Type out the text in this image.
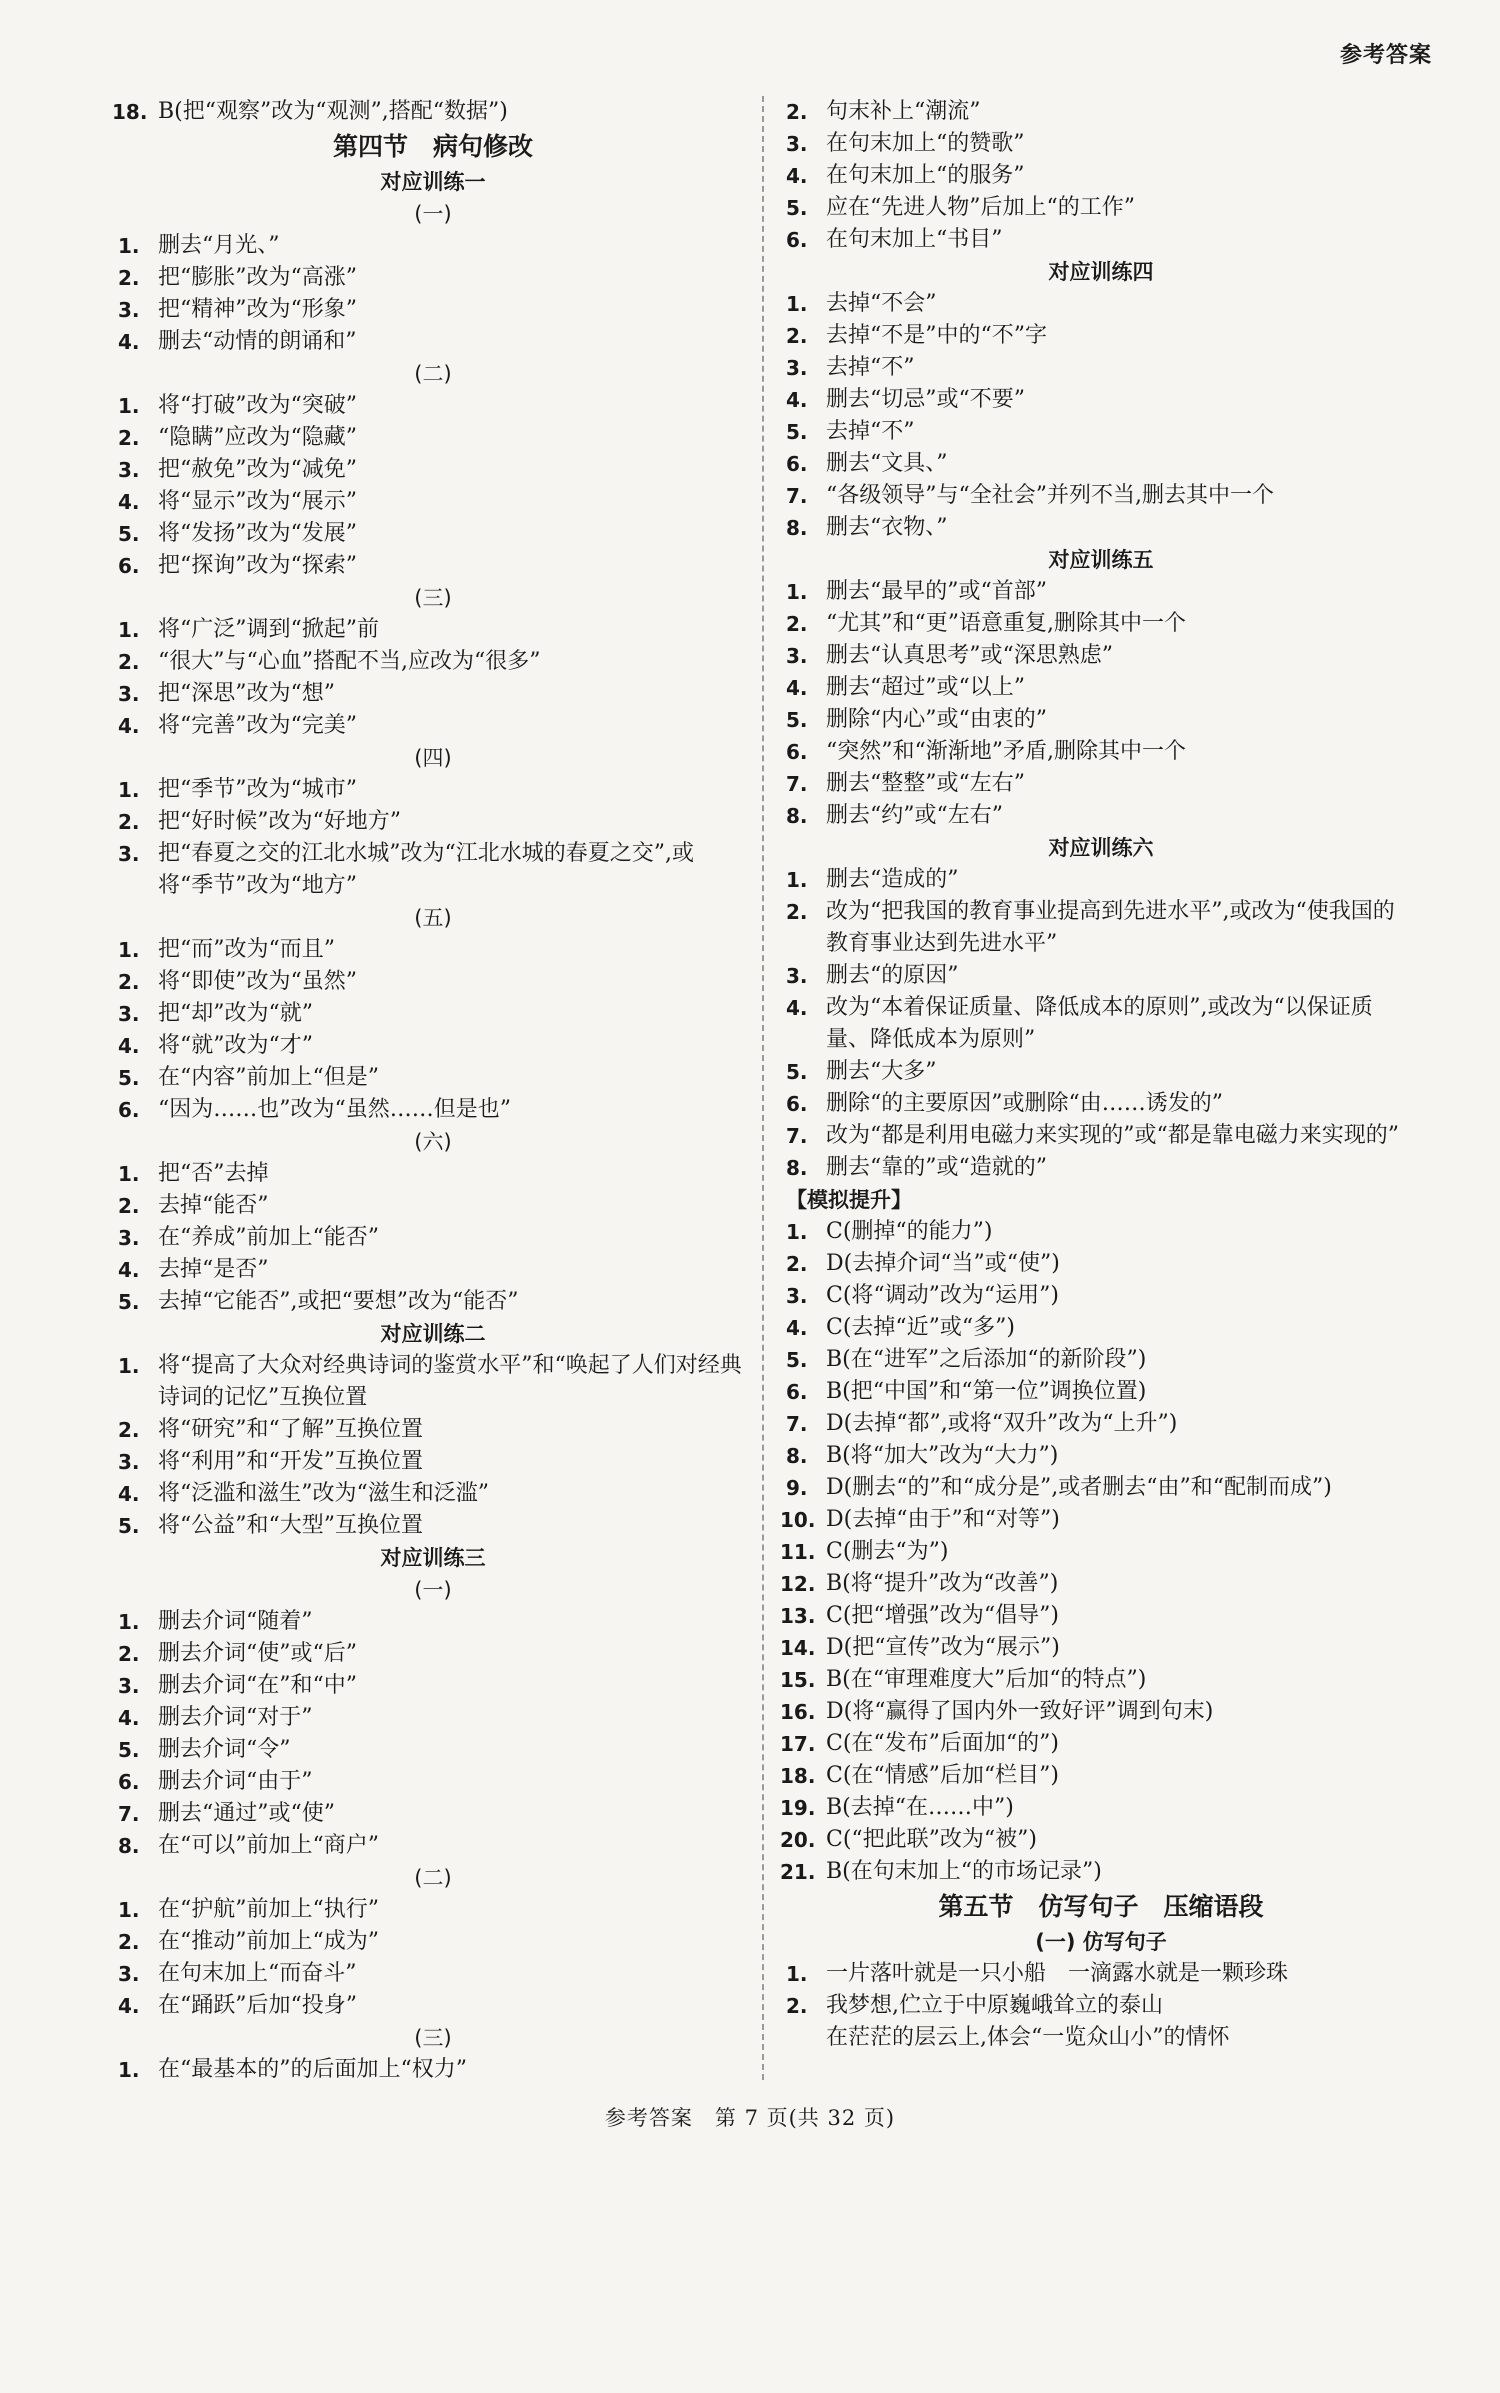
参考答案
18. B(把“观察”改为“观测”,搭配“数据”)
第四节　病句修改
对应训练一
(一)
1. 删去“月光、”
2. 把“膨胀”改为“高涨”
3. 把“精神”改为“形象”
4. 删去“动情的朗诵和”
(二)
1. 将“打破”改为“突破”
2. “隐瞒”应改为“隐藏”
3. 把“赦免”改为“减免”
4. 将“显示”改为“展示”
5. 将“发扬”改为“发展”
6. 把“探询”改为“探索”
(三)
1. 将“广泛”调到“掀起”前
2. “很大”与“心血”搭配不当,应改为“很多”
3. 把“深思”改为“想”
4. 将“完善”改为“完美”
(四)
1. 把“季节”改为“城市”
2. 把“好时候”改为“好地方”
3. 把“春夏之交的江北水城”改为“江北水城的春夏之交”,或将“季节”改为“地方”
(五)
1. 把“而”改为“而且”
2. 将“即使”改为“虽然”
3. 把“却”改为“就”
4. 将“就”改为“才”
5. 在“内容”前加上“但是”
6. “因为……也”改为“虽然……但是也”
(六)
1. 把“否”去掉
2. 去掉“能否”
3. 在“养成”前加上“能否”
4. 去掉“是否”
5. 去掉“它能否”,或把“要想”改为“能否”
对应训练二
1. 将“提高了大众对经典诗词的鉴赏水平”和“唤起了人们对经典诗词的记忆”互换位置
2. 将“研究”和“了解”互换位置
3. 将“利用”和“开发”互换位置
4. 将“泛滥和滋生”改为“滋生和泛滥”
5. 将“公益”和“大型”互换位置
对应训练三
(一)
1. 删去介词“随着”
2. 删去介词“使”或“后”
3. 删去介词“在”和“中”
4. 删去介词“对于”
5. 删去介词“令”
6. 删去介词“由于”
7. 删去“通过”或“使”
8. 在“可以”前加上“商户”
(二)
1. 在“护航”前加上“执行”
2. 在“推动”前加上“成为”
3. 在句末加上“而奋斗”
4. 在“踊跃”后加“投身”
(三)
1. 在“最基本的”的后面加上“权力”
2. 句末补上“潮流”
3. 在句末加上“的赞歌”
4. 在句末加上“的服务”
5. 应在“先进人物”后加上“的工作”
6. 在句末加上“书目”
对应训练四
1. 去掉“不会”
2. 去掉“不是”中的“不”字
3. 去掉“不”
4. 删去“切忌”或“不要”
5. 去掉“不”
6. 删去“文具、”
7. “各级领导”与“全社会”并列不当,删去其中一个
8. 删去“衣物、”
对应训练五
1. 删去“最早的”或“首部”
2. “尤其”和“更”语意重复,删除其中一个
3. 删去“认真思考”或“深思熟虑”
4. 删去“超过”或“以上”
5. 删除“内心”或“由衷的”
6. “突然”和“渐渐地”矛盾,删除其中一个
7. 删去“整整”或“左右”
8. 删去“约”或“左右”
对应训练六
1. 删去“造成的”
2. 改为“把我国的教育事业提高到先进水平”,或改为“使我国的教育事业达到先进水平”
3. 删去“的原因”
4. 改为“本着保证质量、降低成本的原则”,或改为“以保证质量、降低成本为原则”
5. 删去“大多”
6. 删除“的主要原因”或删除“由……诱发的”
7. 改为“都是利用电磁力来实现的”或“都是靠电磁力来实现的”
8. 删去“靠的”或“造就的”
【模拟提升】
1. C(删掉“的能力”)
2. D(去掉介词“当”或“使”)
3. C(将“调动”改为“运用”)
4. C(去掉“近”或“多”)
5. B(在“进军”之后添加“的新阶段”)
6. B(把“中国”和“第一位”调换位置)
7. D(去掉“都”,或将“双升”改为“上升”)
8. B(将“加大”改为“大力”)
9. D(删去“的”和“成分是”,或者删去“由”和“配制而成”)
10. D(去掉“由于”和“对等”)
11. C(删去“为”)
12. B(将“提升”改为“改善”)
13. C(把“增强”改为“倡导”)
14. D(把“宣传”改为“展示”)
15. B(在“审理难度大”后加“的特点”)
16. D(将“赢得了国内外一致好评”调到句末)
17. C(在“发布”后面加“的”)
18. C(在“情感”后加“栏目”)
19. B(去掉“在……中”)
20. C(“把此联”改为“被”)
21. B(在句末加上“的市场记录”)
第五节　仿写句子　压缩语段
(一) 仿写句子
1. 一片落叶就是一只小船　一滴露水就是一颗珍珠
2. 我梦想,伫立于中原巍峨耸立的泰山
在茫茫的层云上,体会“一览众山小”的情怀
参考答案　第 7 页(共 32 页)
